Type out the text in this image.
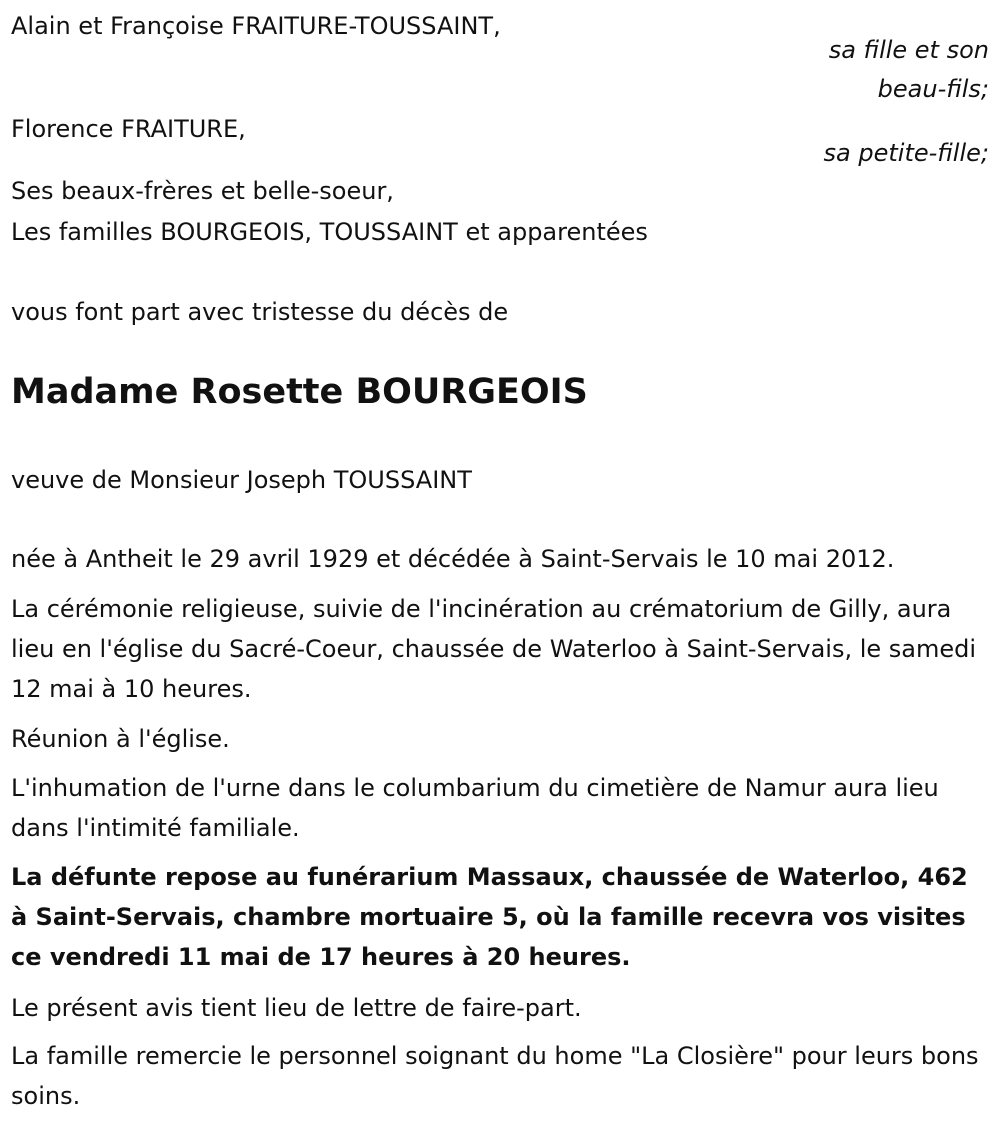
Alain et Françoise FRAITURE-TOUSSAINT,
sa fille et son
beau-fils;
Florence FRAITURE,
sa petite-fille;
Ses beaux-frères et belle-soeur,
Les familles BOURGEOIS, TOUSSAINT et apparentées
vous font part avec tristesse du décès de
Madame Rosette BOURGEOIS
veuve de Monsieur Joseph TOUSSAINT
née à Antheit le 29 avril 1929 et décédée à Saint-Servais le 10 mai 2012.
La cérémonie religieuse, suivie de l'incinération au crématorium de Gilly, aura lieu en l'église du Sacré-Coeur, chaussée de Waterloo à Saint-Servais, le samedi 12 mai à 10 heures.
Réunion à l'église.
L'inhumation de l'urne dans le columbarium du cimetière de Namur aura lieu dans l'intimité familiale.
La défunte repose au funérarium Massaux, chaussée de Waterloo, 462 à Saint-Servais, chambre mortuaire 5, où la famille recevra vos visites ce vendredi 11 mai de 17 heures à 20 heures.
Le présent avis tient lieu de lettre de faire-part.
La famille remercie le personnel soignant du home "La Closière" pour leurs bons soins.
